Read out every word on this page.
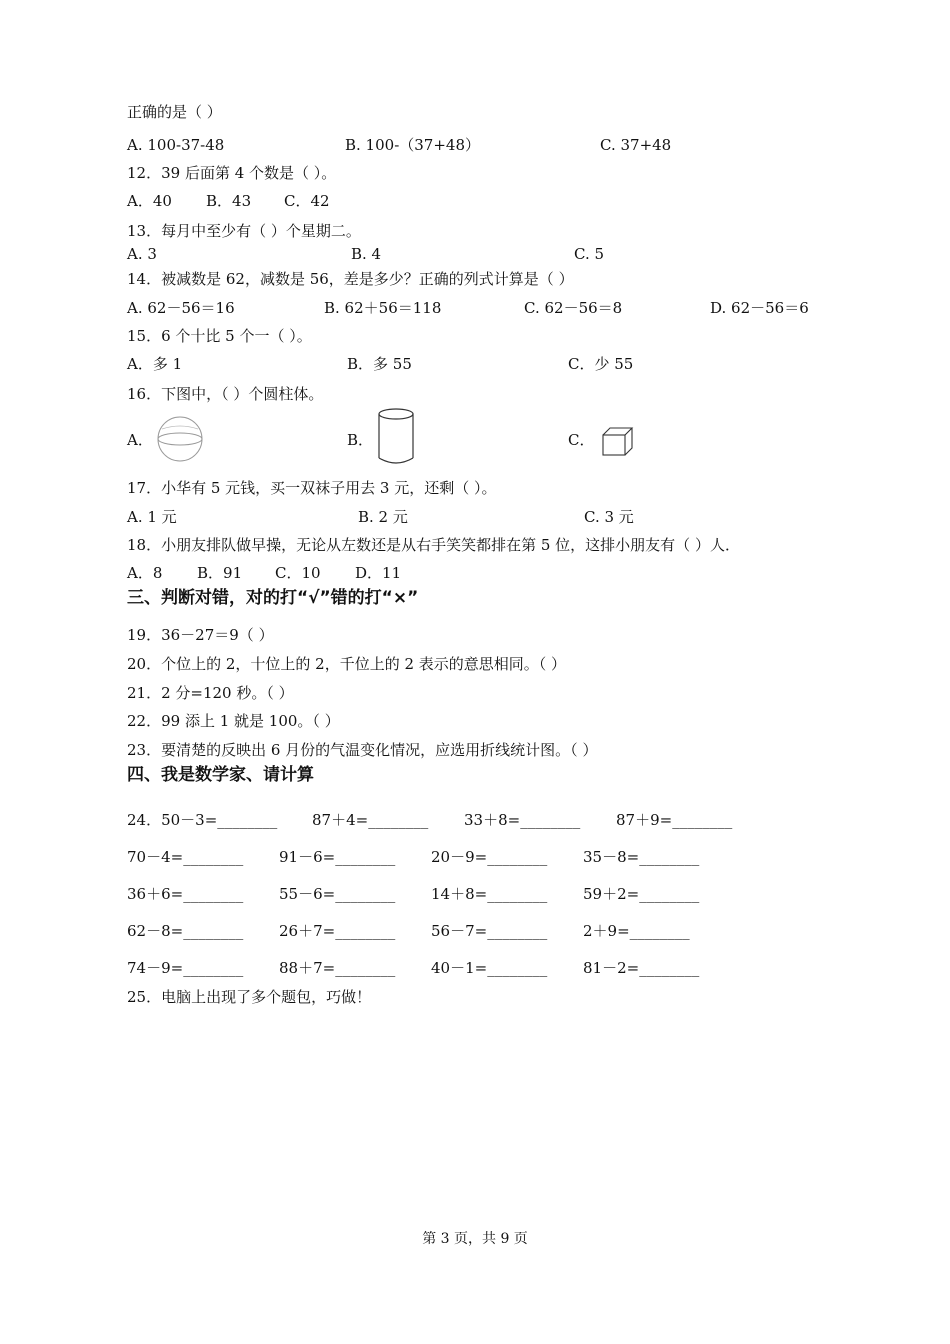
正确的是（ ）
A. 100-37-48	B. 100-（37+48）	C. 37+48
12．39 后面第 4 个数是（ ）。
A．40 B．43 C．42
13．每月中至少有（ ）个星期二。
A. 3	B. 4	C. 5
14．被减数是 62，减数是 56，差是多少？正确的列式计算是（ ）
A. 62－56＝16	B. 62＋56＝118	C. 62－56＝8	D. 62－56＝6
15．6 个十比 5 个一（ ）。
A．多 1	B．多 55	C．少 55
16．下图中，（ ）个圆柱体。
A．	B．	C．
17．小华有 5 元钱，买一双袜子用去 3 元，还剩（ ）。
A. 1 元	B. 2 元	C. 3 元
18．小朋友排队做早操，无论从左数还是从右手笑笑都排在第 5 位，这排小朋友有（ ）人．
A．8 B．91 C．10 D．11
三、判断对错，对的打“√”错的打“×”
19．36－27＝9（ ）
20．个位上的 2，十位上的 2，千位上的 2 表示的意思相同。（ ）
21．2 分=120 秒。（ ）
22．99 添上 1 就是 100。（ ）
23．要清楚的反映出 6 月份的气温变化情况，应选用折线统计图。（ ）
四、我是数学家、请计算
24．50－3=________ 87＋4=________ 33＋8=________ 87＋9=________
70－4=________ 91－6=________ 20－9=________ 35－8=________
36＋6=________ 55－6=________ 14＋8=________ 59＋2=________
62－8=________ 26＋7=________ 56－7=________ 2＋9=________
74－9=________ 88＋7=________ 40－1=________ 81－2=________
25．电脑上出现了多个题包，巧做！
第 3 页，共 9 页
